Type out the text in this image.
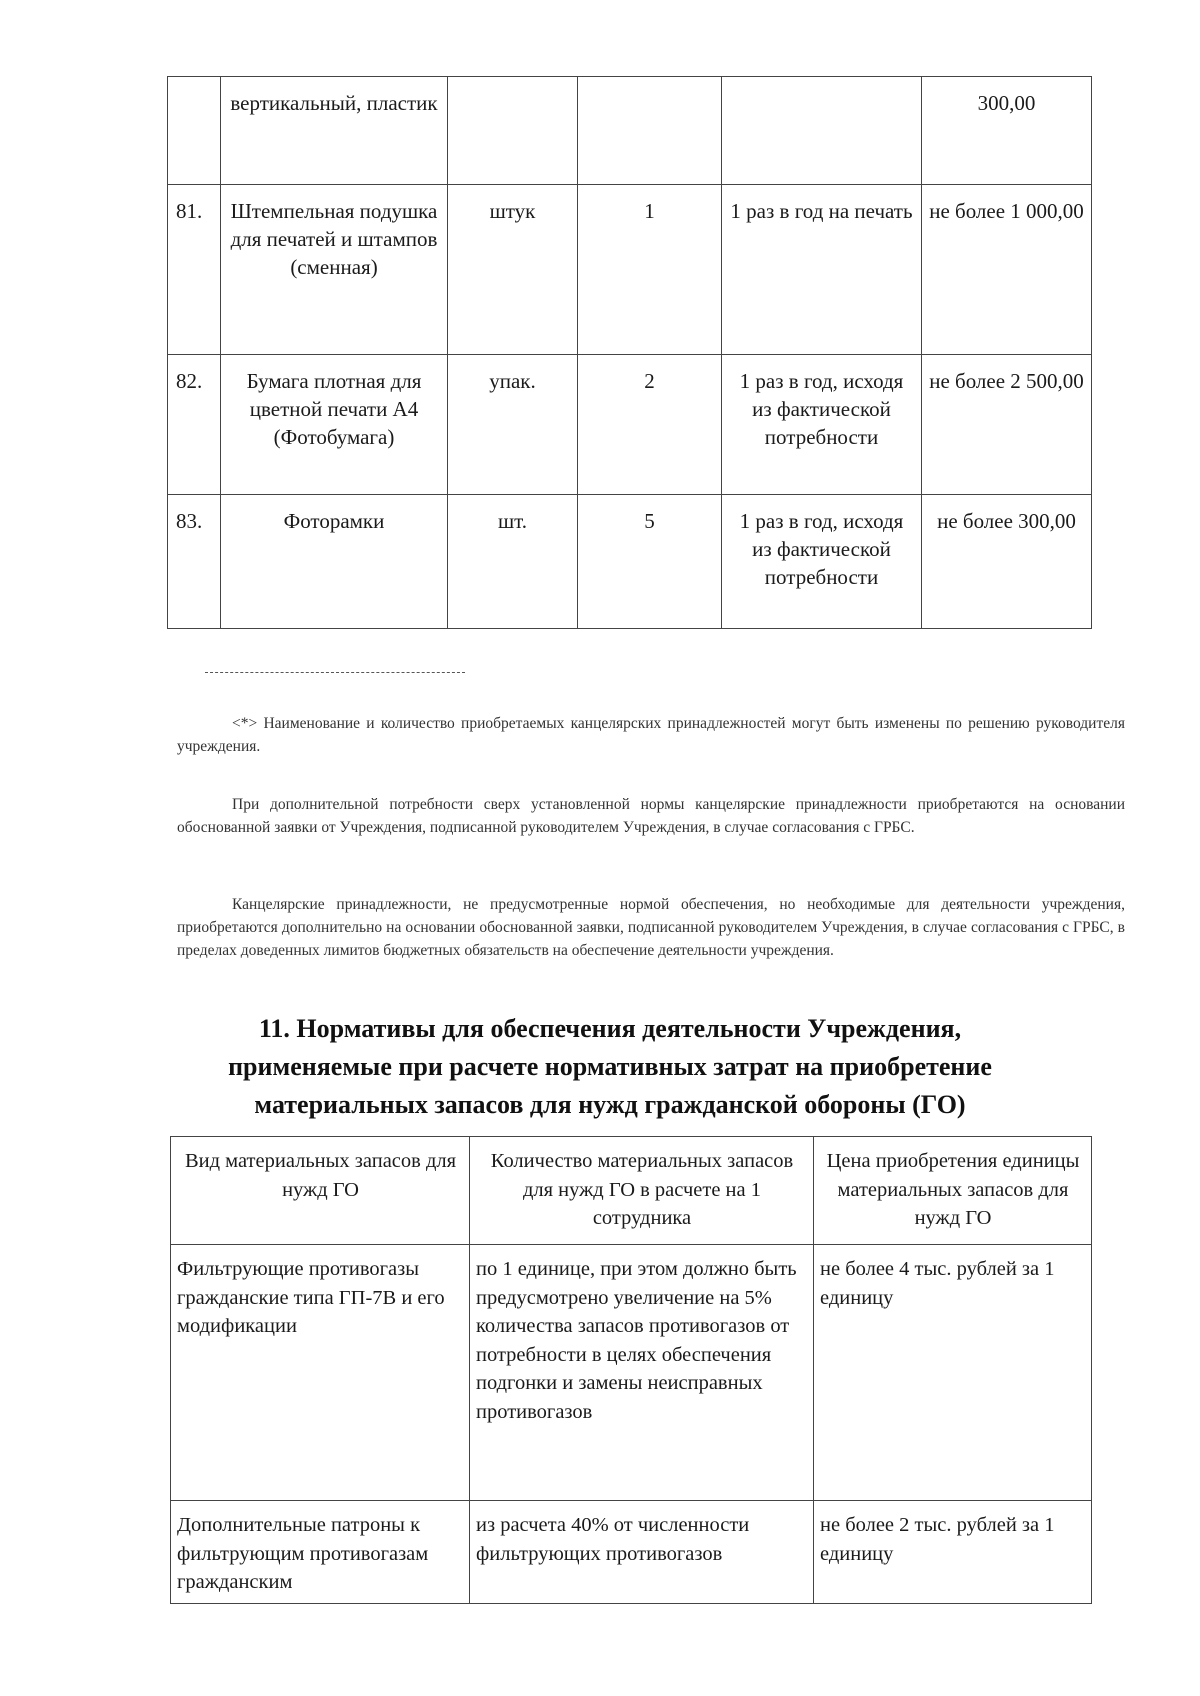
	вертикальный, пластик				300,00
81.	Штемпельная подушка для печатей и штампов (сменная)	штук	1	1 раз в год на печать	не более 1 000,00
82.	Бумага плотная для цветной печати А4 (Фотобумага)	упак.	2	1 раз в год, исходя из фактической потребности	не более 2 500,00
83.	Фоторамки	шт.	5	1 раз в год, исходя из фактической потребности	не более 300,00

<*> Наименование и количество приобретаемых канцелярских принадлежностей могут быть изменены по решению руководителя учреждения.

При дополнительной потребности сверх установленной нормы канцелярские принадлежности приобретаются на основании обоснованной заявки от Учреждения, подписанной руководителем Учреждения, в случае согласования с ГРБС.

Канцелярские принадлежности, не предусмотренные нормой обеспечения, но необходимые для деятельности учреждения, приобретаются дополнительно на основании обоснованной заявки, подписанной руководителем Учреждения, в случае согласования с ГРБС, в пределах доведенных лимитов бюджетных обязательств на обеспечение деятельности учреждения.

11. Нормативы для обеспечения деятельности Учреждения,
применяемые при расчете нормативных затрат на приобретение
материальных запасов для нужд гражданской обороны (ГО)
Вид материальных запасов для нужд ГО	Количество материальных запасов для нужд ГО в расчете на 1 сотрудника	Цена приобретения единицы материальных запасов для нужд ГО
Фильтрующие противогазы гражданские типа ГП-7В и его модификации	по 1 единице, при этом должно быть предусмотрено увеличение на 5% количества запасов противогазов от потребности в целях обеспечения подгонки и замены неисправных противогазов	не более 4 тыс. рублей за 1 единицу
Дополнительные патроны к фильтрующим противогазам гражданским	из расчета 40% от численности фильтрующих противогазов	не более 2 тыс. рублей за 1 единицу
